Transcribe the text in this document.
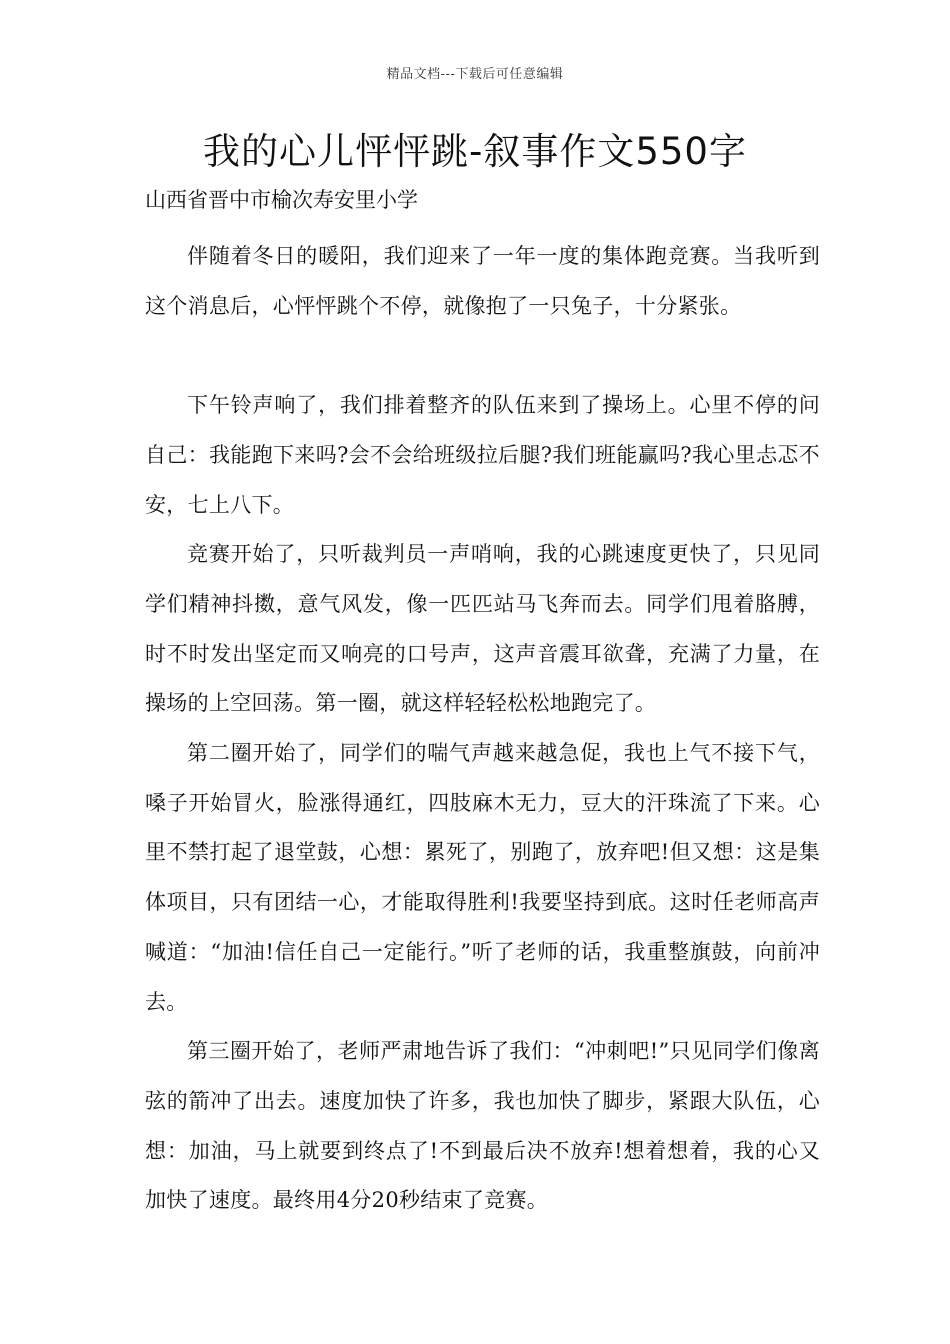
精品文档---下载后可任意编辑
我的心儿怦怦跳-叙事作文550字
山西省晋中市榆次寿安里小学

伴随着冬日的暖阳，我们迎来了一年一度的集体跑竞赛。当我听到这个消息后，心怦怦跳个不停，就像抱了一只兔子，十分紧张。

下午铃声响了，我们排着整齐的队伍来到了操场上。心里不停的问自己：我能跑下来吗?会不会给班级拉后腿?我们班能赢吗?我心里忐忑不安，七上八下。

竞赛开始了，只听裁判员一声哨响，我的心跳速度更快了，只见同学们精神抖擞，意气风发，像一匹匹站马飞奔而去。同学们甩着胳膊，时不时发出坚定而又响亮的口号声，这声音震耳欲聋，充满了力量，在操场的上空回荡。第一圈，就这样轻轻松松地跑完了。

第二圈开始了，同学们的喘气声越来越急促，我也上气不接下气，嗓子开始冒火，脸涨得通红，四肢麻木无力，豆大的汗珠流了下来。心里不禁打起了退堂鼓，心想：累死了，别跑了，放弃吧!但又想：这是集体项目，只有团结一心，才能取得胜利!我要坚持到底。这时任老师高声喊道：“加油!信任自己一定能行。”听了老师的话，我重整旗鼓，向前冲去。

第三圈开始了，老师严肃地告诉了我们：“冲刺吧!”只见同学们像离弦的箭冲了出去。速度加快了许多，我也加快了脚步，紧跟大队伍，心想：加油，马上就要到终点了!不到最后决不放弃!想着想着，我的心又加快了速度。最终用4分20秒结束了竞赛。
